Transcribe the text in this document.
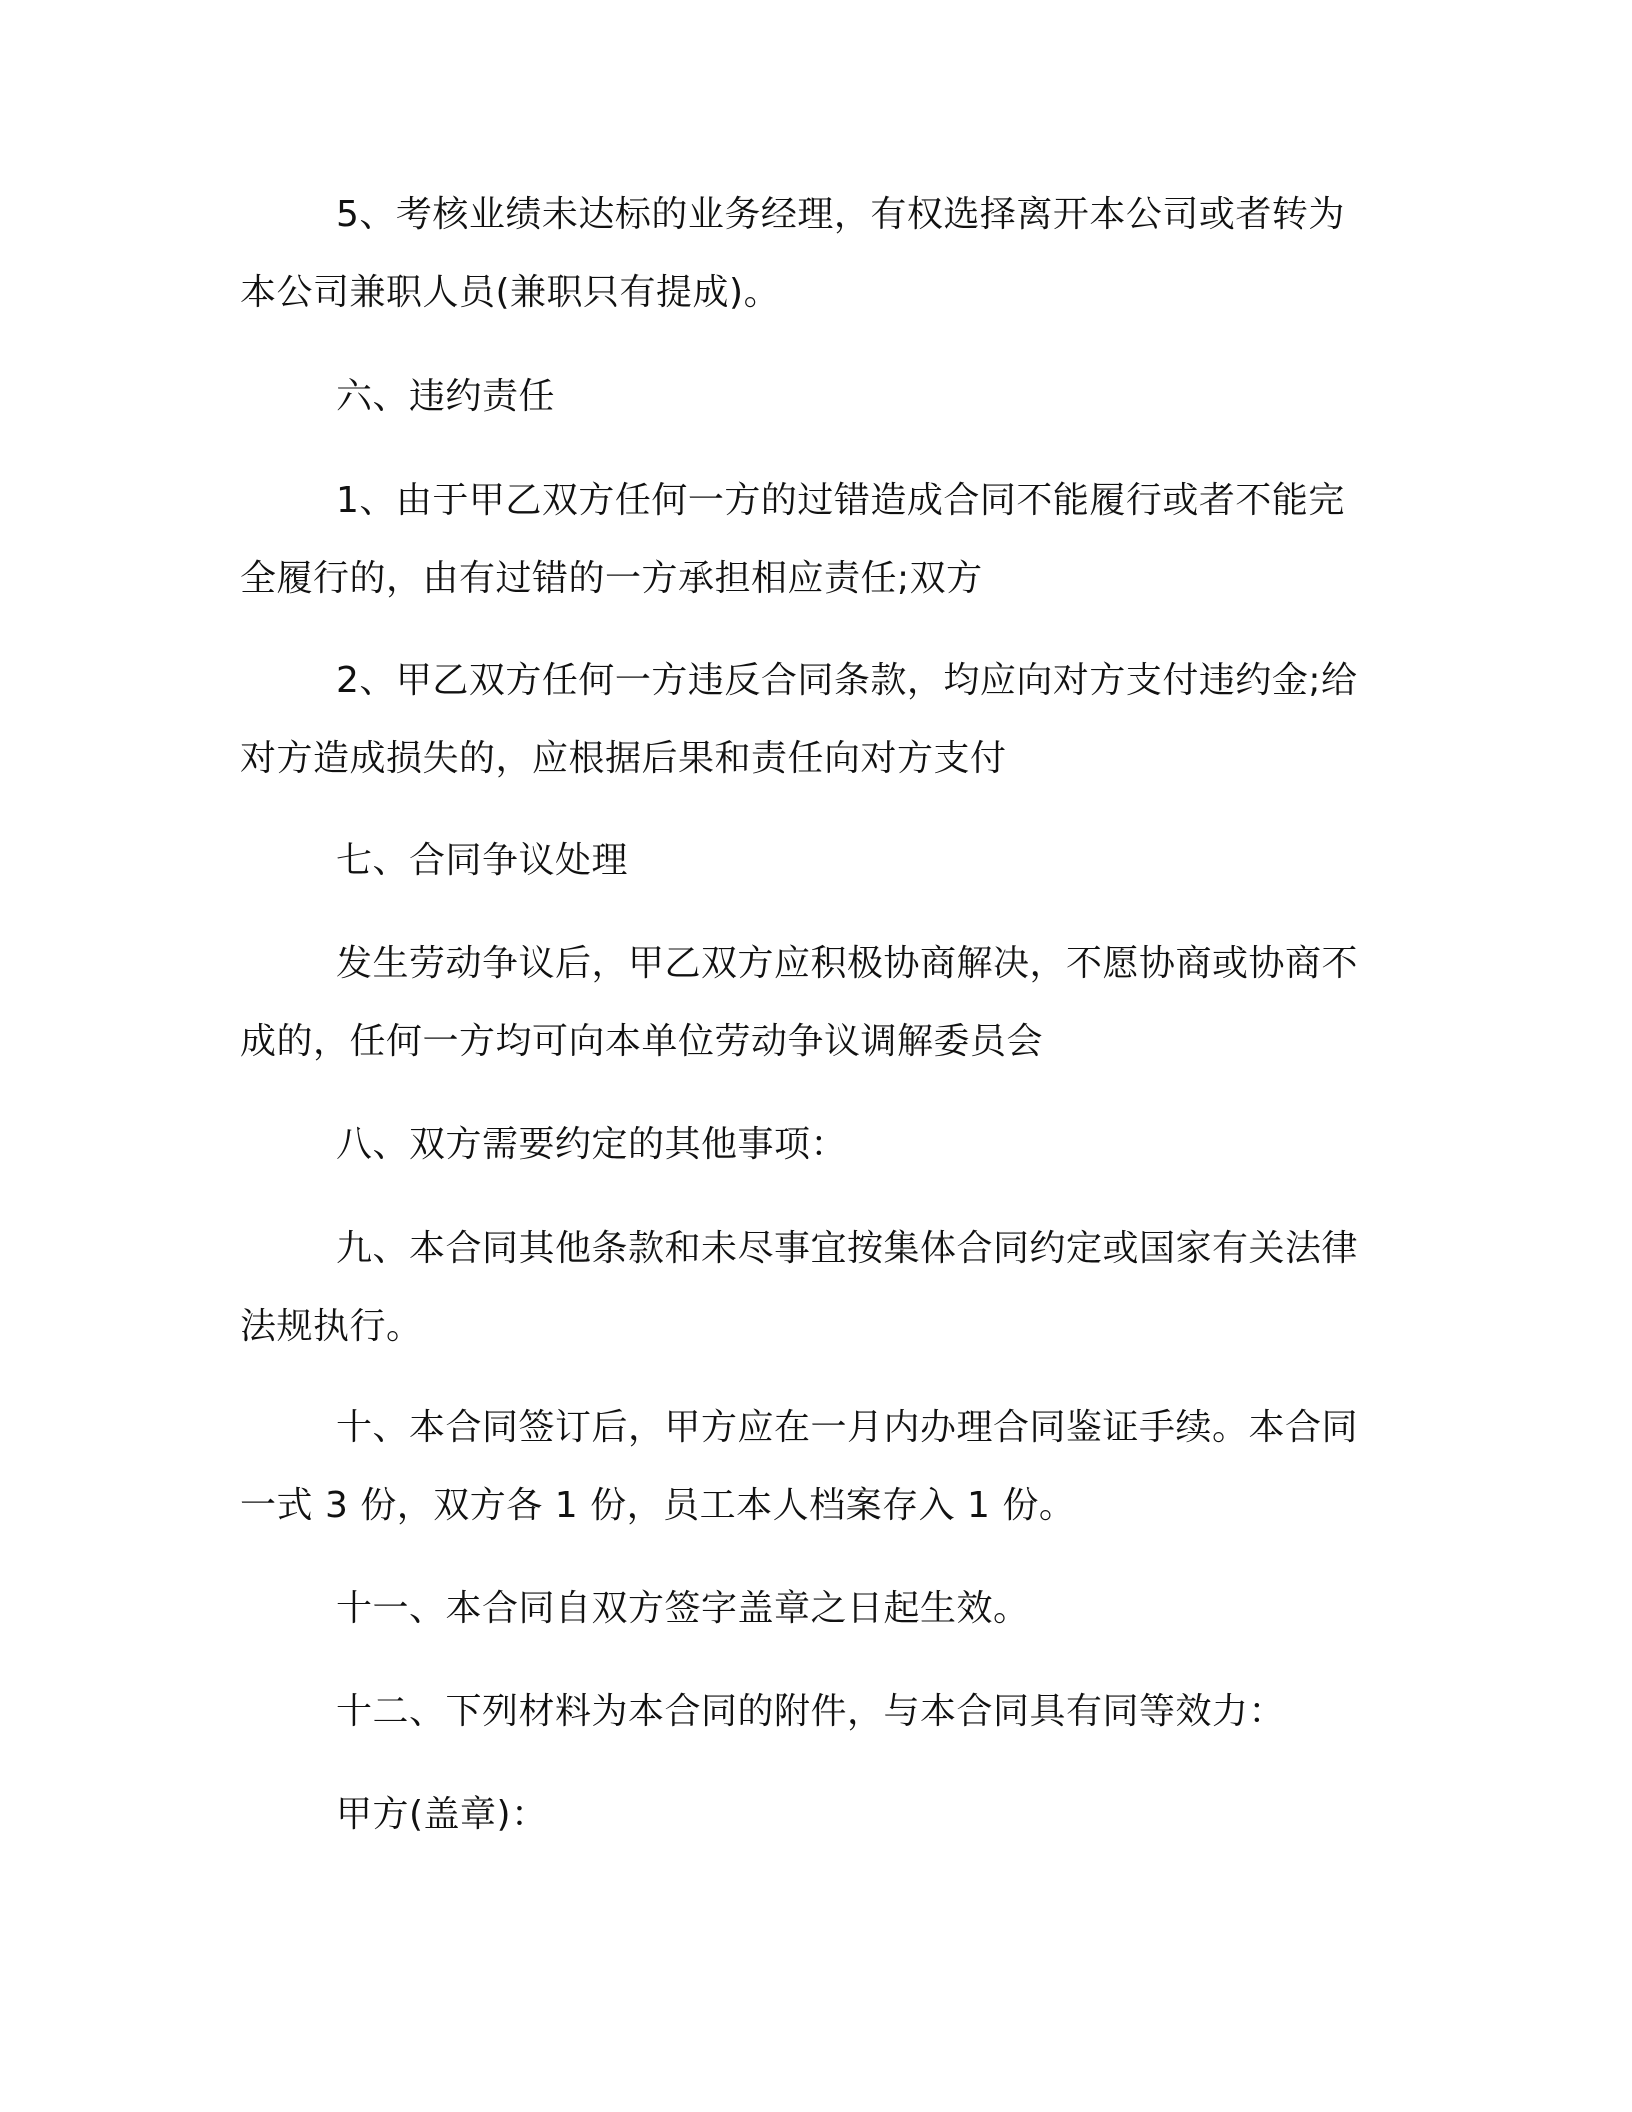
5、考核业绩未达标的业务经理，有权选择离开本公司或者转为本公司兼职人员(兼职只有提成)。

六、违约责任

1、由于甲乙双方任何一方的过错造成合同不能履行或者不能完全履行的，由有过错的一方承担相应责任;双方

2、甲乙双方任何一方违反合同条款，均应向对方支付违约金;给对方造成损失的，应根据后果和责任向对方支付

七、合同争议处理

发生劳动争议后，甲乙双方应积极协商解决，不愿协商或协商不成的，任何一方均可向本单位劳动争议调解委员会

八、双方需要约定的其他事项：

九、本合同其他条款和未尽事宜按集体合同约定或国家有关法律法规执行。

十、本合同签订后，甲方应在一月内办理合同鉴证手续。本合同一式 3 份，双方各 1 份，员工本人档案存入 1 份。

十一、本合同自双方签字盖章之日起生效。

十二、下列材料为本合同的附件，与本合同具有同等效力：

甲方(盖章)：
